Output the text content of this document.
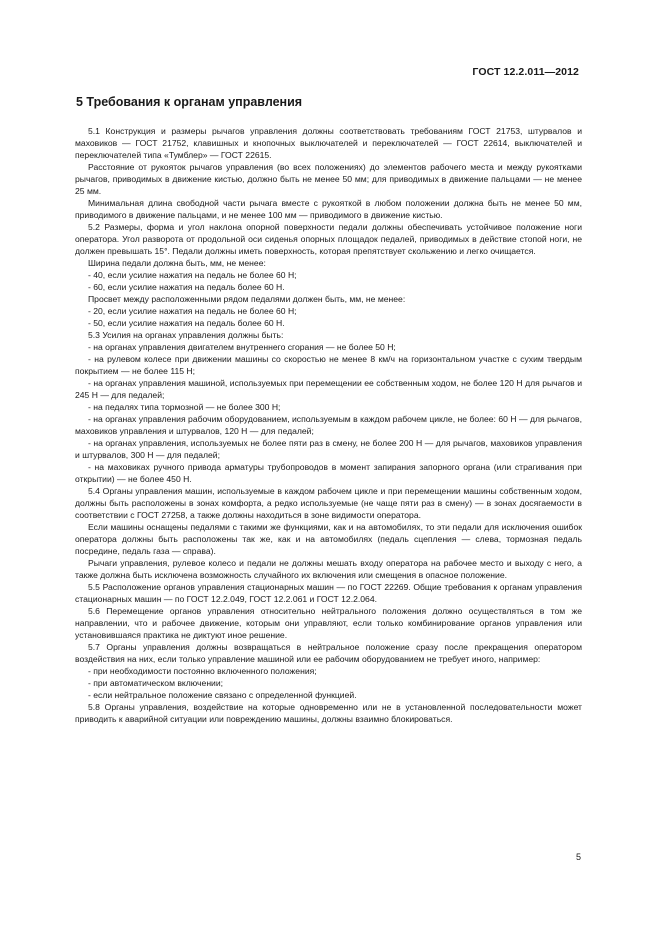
ГОСТ 12.2.011—2012
5 Требования к органам управления

5.1 Конструкция и размеры рычагов управления должны соответствовать требованиям ГОСТ 21753, штурвалов и маховиков — ГОСТ 21752, клавишных и кнопочных выключателей и переключателей — ГОСТ 22614, выключателей и переключателей типа «Тумблер» — ГОСТ 22615.

Расстояние от рукояток рычагов управления (во всех положениях) до элементов рабочего места и между рукоятками рычагов, приводимых в движение кистью, должно быть не менее 50 мм; для приводимых в движение пальцами — не менее 25 мм.

Минимальная длина свободной части рычага вместе с рукояткой в любом положении должна быть не менее 50 мм, приводимого в движение пальцами, и не менее 100 мм — приводимого в движение кистью.

5.2 Размеры, форма и угол наклона опорной поверхности педали должны обеспечивать устойчивое положение ноги оператора. Угол разворота от продольной оси сиденья опорных площадок педалей, приводимых в действие стопой ноги, не должен превышать 15°. Педали должны иметь поверхность, которая препятствует скольжению и легко очищается.

Ширина педали должна быть, мм, не менее:

- 40, если усилие нажатия на педаль не более 60 Н;

- 60, если усилие нажатия на педаль более 60 Н.

Просвет между расположенными рядом педалями должен быть, мм, не менее:

- 20, если усилие нажатия на педаль не более 60 Н;

- 50, если усилие нажатия на педаль более 60 Н.

5.3 Усилия на органах управления должны быть:

- на органах управления двигателем внутреннего сгорания — не более 50 Н;

- на рулевом колесе при движении машины со скоростью не менее 8 км/ч на горизонтальном участке с сухим твердым покрытием — не более 115 Н;

- на органах управления машиной, используемых при перемещении ее собственным ходом, не более 120 Н для рычагов и 245 Н — для педалей;

- на педалях типа тормозной — не более 300 Н;

- на органах управления рабочим оборудованием, используемым в каждом рабочем цикле, не более: 60 Н — для рычагов, маховиков управления и штурвалов, 120 Н — для педалей;

- на органах управления, используемых не более пяти раз в смену, не более 200 Н — для рычагов, маховиков управления и штурвалов, 300 Н — для педалей;

- на маховиках ручного привода арматуры трубопроводов в момент запирания запорного органа (или страгивания при открытии) — не более 450 Н.

5.4 Органы управления машин, используемые в каждом рабочем цикле и при перемещении машины собственным ходом, должны быть расположены в зонах комфорта, а редко используемые (не чаще пяти раз в смену) — в зонах досягаемости в соответствии с ГОСТ 27258, а также должны находиться в зоне видимости оператора.

Если машины оснащены педалями с такими же функциями, как и на автомобилях, то эти педали для исключения ошибок оператора должны быть расположены так же, как и на автомобилях (педаль сцепления — слева, тормозная педаль посредине, педаль газа — справа).

Рычаги управления, рулевое колесо и педали не должны мешать входу оператора на рабочее место и выходу с него, а также должна быть исключена возможность случайного их включения или смещения в опасное положение.

5.5 Расположение органов управления стационарных машин — по ГОСТ 22269. Общие требования к органам управления стационарных машин — по ГОСТ 12.2.049, ГОСТ 12.2.061 и ГОСТ 12.2.064.

5.6 Перемещение органов управления относительно нейтрального положения должно осуществляться в том же направлении, что и рабочее движение, которым они управляют, если только комбинирование органов управления или установившаяся практика не диктуют иное решение.

5.7 Органы управления должны возвращаться в нейтральное положение сразу после прекращения оператором воздействия на них, если только управление машиной или ее рабочим оборудованием не требует иного, например:

- при необходимости постоянно включенного положения;

- при автоматическом включении;

- если нейтральное положение связано с определенной функцией.

5.8 Органы управления, воздействие на которые одновременно или не в установленной последовательности может приводить к аварийной ситуации или повреждению машины, должны взаимно блокироваться.

5
